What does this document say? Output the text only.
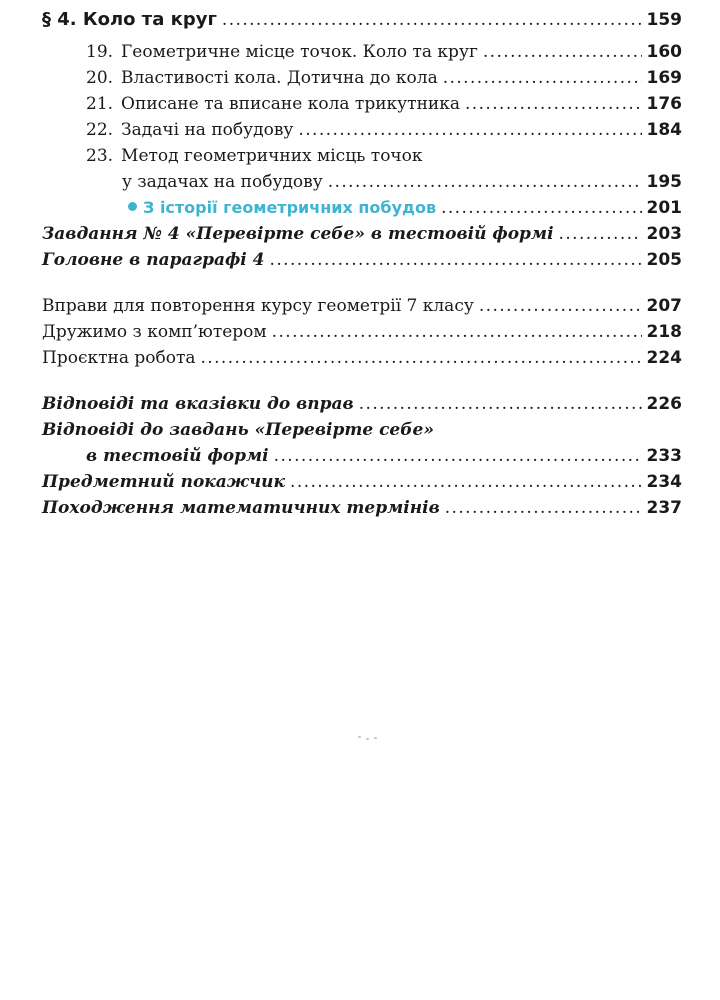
§ 4. Коло та круг . . .	159
19. Геометричне місце точок. Коло та круг . . .	160
20. Властивості кола. Дотична до кола . . .	169
21. Описане та вписане кола трикутника . . .	176
22. Задачі на побудову . . .	184
23. Метод геометричних місць точок
у задачах на побудову . . .	195
З історії геометричних побудов . . .	201
Завдання № 4 «Перевірте себе» в тестовій формі . . .	203
Головне в параграфі 4 . . .	205
Вправи для повторення курсу геометрії 7 класу . . .	207
Дружимо з комп’ютером . . .	218
Проєктна робота . . .	224
Відповіді та вказівки до вправ . . .	226
Відповіді до завдань «Перевірте себе»
в тестовій формі . . .	233
Предметний покажчик . . .	234
Походження математичних термінів . . .	237
